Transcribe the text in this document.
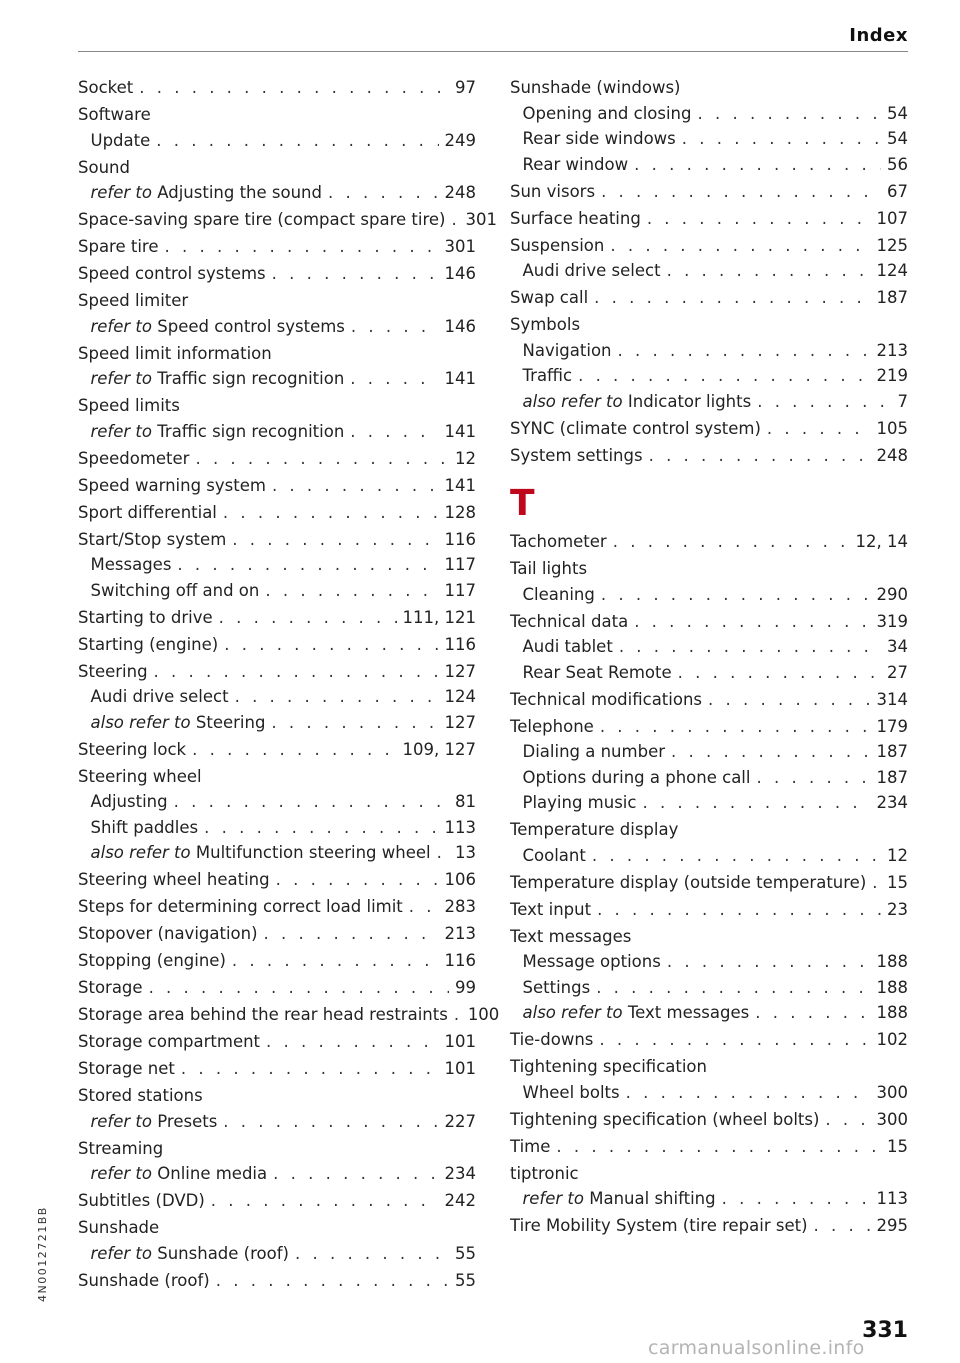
Index
Socket . . .	97
Software
Update . . .	249
Sound
refer to Adjusting the sound . . .	248
Space-saving spare tire (compact spare tire) . . . 301
Spare tire . . .	301
Speed control systems . . .	146
Speed limiter
refer to Speed control systems . . .	146
Speed limit information
refer to Traffic sign recognition . . .	141
Speed limits
refer to Traffic sign recognition . . .	141
Speedometer . . .	12
Speed warning system . . .	141
Sport differential . . .	128
Start/Stop system . . .	116
Messages . . .	117
Switching off and on . . .	117
Starting to drive . . .	111, 121
Starting (engine) . . .	116
Steering . . .	127
Audi drive select . . .	124
also refer to Steering . . .	127
Steering lock . . .	109, 127
Steering wheel
Adjusting . . .	81
Shift paddles . . .	113
also refer to Multifunction steering wheel . . . 13
Steering wheel heating . . .	106
Steps for determining correct load limit . . .	283
Stopover (navigation) . . .	213
Stopping (engine) . . .	116
Storage . . .	99
Storage area behind the rear head restraints . . . 100
Storage compartment . . .	101
Storage net . . .	101
Stored stations
refer to Presets . . .	227
Streaming
refer to Online media . . .	234
Subtitles (DVD) . . .	242
Sunshade
refer to Sunshade (roof) . . .	55
Sunshade (roof) . . .	55
Sunshade (windows)
Opening and closing . . .	54
Rear side windows . . .	54
Rear window . . .	56
Sun visors . . .	67
Surface heating . . .	107
Suspension . . .	125
Audi drive select . . .	124
Swap call . . .	187
Symbols
Navigation . . .	213
Traffic . . .	219
also refer to Indicator lights . . .	7
SYNC (climate control system) . . .	105
System settings . . .	248
T
Tachometer . . .	12, 14
Tail lights
Cleaning . . .	290
Technical data . . .	319
Audi tablet . . .	34
Rear Seat Remote . . .	27
Technical modifications . . .	314
Telephone . . .	179
Dialing a number . . .	187
Options during a phone call . . .	187
Playing music . . .	234
Temperature display
Coolant . . .	12
Temperature display (outside temperature) . . . 15
Text input . . .	23
Text messages
Message options . . .	188
Settings . . .	188
also refer to Text messages . . .	188
Tie-downs . . .	102
Tightening specification
Wheel bolts . . .	300
Tightening specification (wheel bolts) . . .	300
Time . . .	15
tiptronic
refer to Manual shifting . . .	113
Tire Mobility System (tire repair set) . . .	295
4N0012721BB
331
carmanualsonline.info
